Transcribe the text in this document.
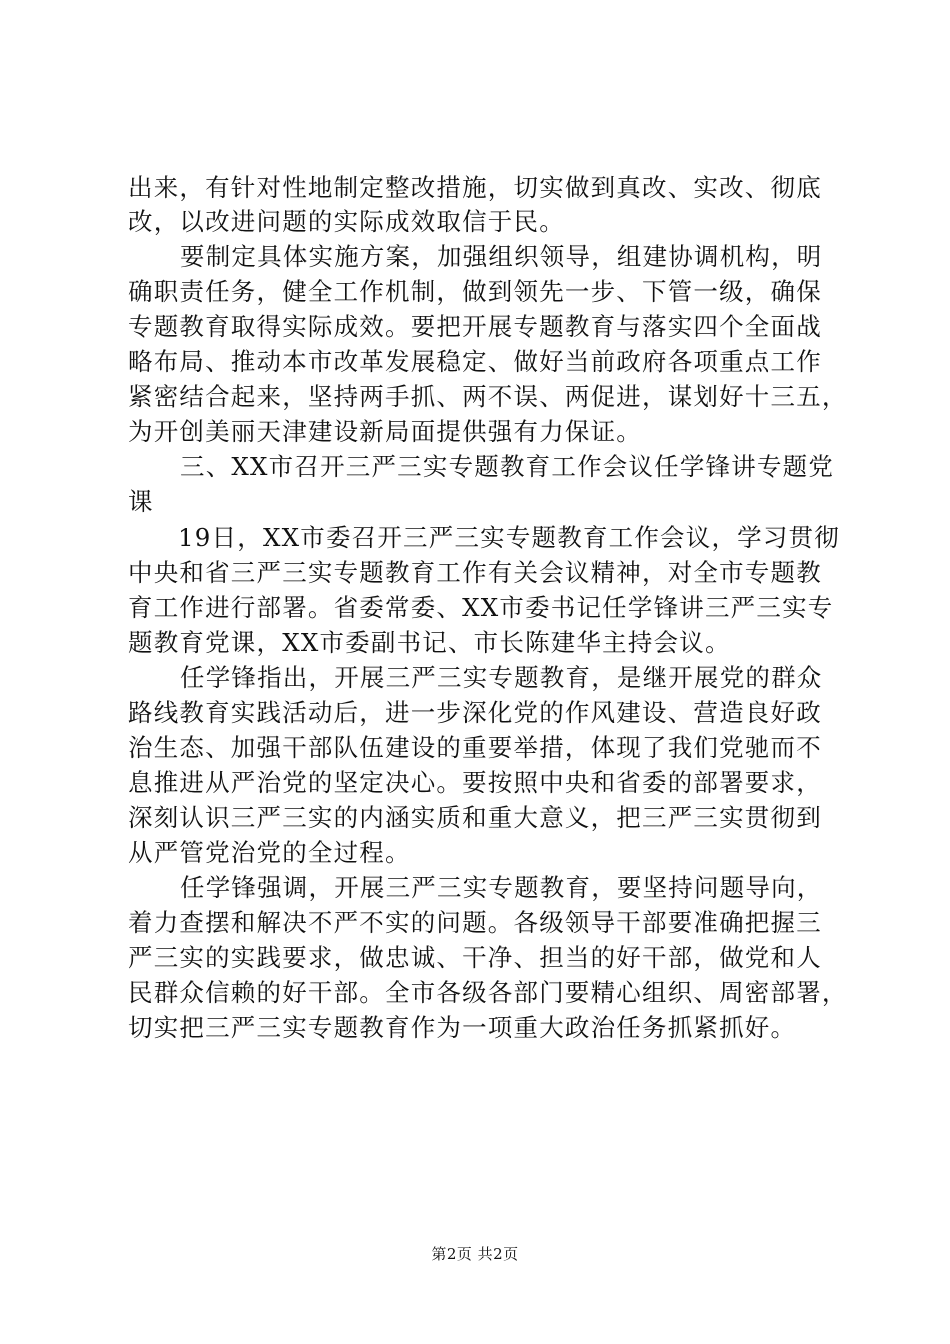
出来，有针对性地制定整改措施，切实做到真改、实改、彻底
改，以改进问题的实际成效取信于民。
要制定具体实施方案，加强组织领导，组建协调机构，明
确职责任务，健全工作机制，做到领先一步、下管一级，确保
专题教育取得实际成效。要把开展专题教育与落实四个全面战
略布局、推动本市改革发展稳定、做好当前政府各项重点工作
紧密结合起来，坚持两手抓、两不误、两促进，谋划好十三五，
为开创美丽天津建设新局面提供强有力保证。
三、XX市召开三严三实专题教育工作会议任学锋讲专题党
课
19日，XX市委召开三严三实专题教育工作会议，学习贯彻
中央和省三严三实专题教育工作有关会议精神，对全市专题教
育工作进行部署。省委常委、XX市委书记任学锋讲三严三实专
题教育党课，XX市委副书记、市长陈建华主持会议。
任学锋指出，开展三严三实专题教育，是继开展党的群众
路线教育实践活动后，进一步深化党的作风建设、营造良好政
治生态、加强干部队伍建设的重要举措，体现了我们党驰而不
息推进从严治党的坚定决心。要按照中央和省委的部署要求，
深刻认识三严三实的内涵实质和重大意义，把三严三实贯彻到
从严管党治党的全过程。
任学锋强调，开展三严三实专题教育，要坚持问题导向，
着力查摆和解决不严不实的问题。各级领导干部要准确把握三
严三实的实践要求，做忠诚、干净、担当的好干部，做党和人
民群众信赖的好干部。全市各级各部门要精心组织、周密部署，
切实把三严三实专题教育作为一项重大政治任务抓紧抓好。
第2页 共2页
